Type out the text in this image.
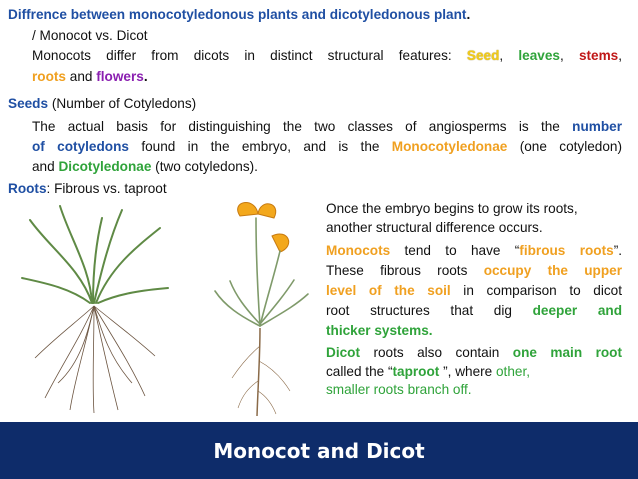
Diffrence between monocotyledonous plants and dicotyledonous plant.
/ Monocot vs. Dicot
Monocots differ from dicots in distinct structural features: Seed, leaves, stems,
roots and flowers.
Seeds (Number of Cotyledons)
The actual basis for distinguishing the two classes of angiosperms is the number
of cotyledons found in the embryo, and is the Monocotyledonae (one cotyledon)
and Dicotyledonae (two cotyledons).
Roots: Fibrous vs. taproot
Once the embryo begins to grow its roots,
another structural difference occurs.
Monocots tend to have “fibrous roots”.
These fibrous roots occupy the upper
level of the soil in comparison to dicot
root structures that dig deeper and
thicker systems.
Dicot roots also contain one main root
called the “taproot ”, where other,
smaller roots branch off.
Monocot and Dicot
